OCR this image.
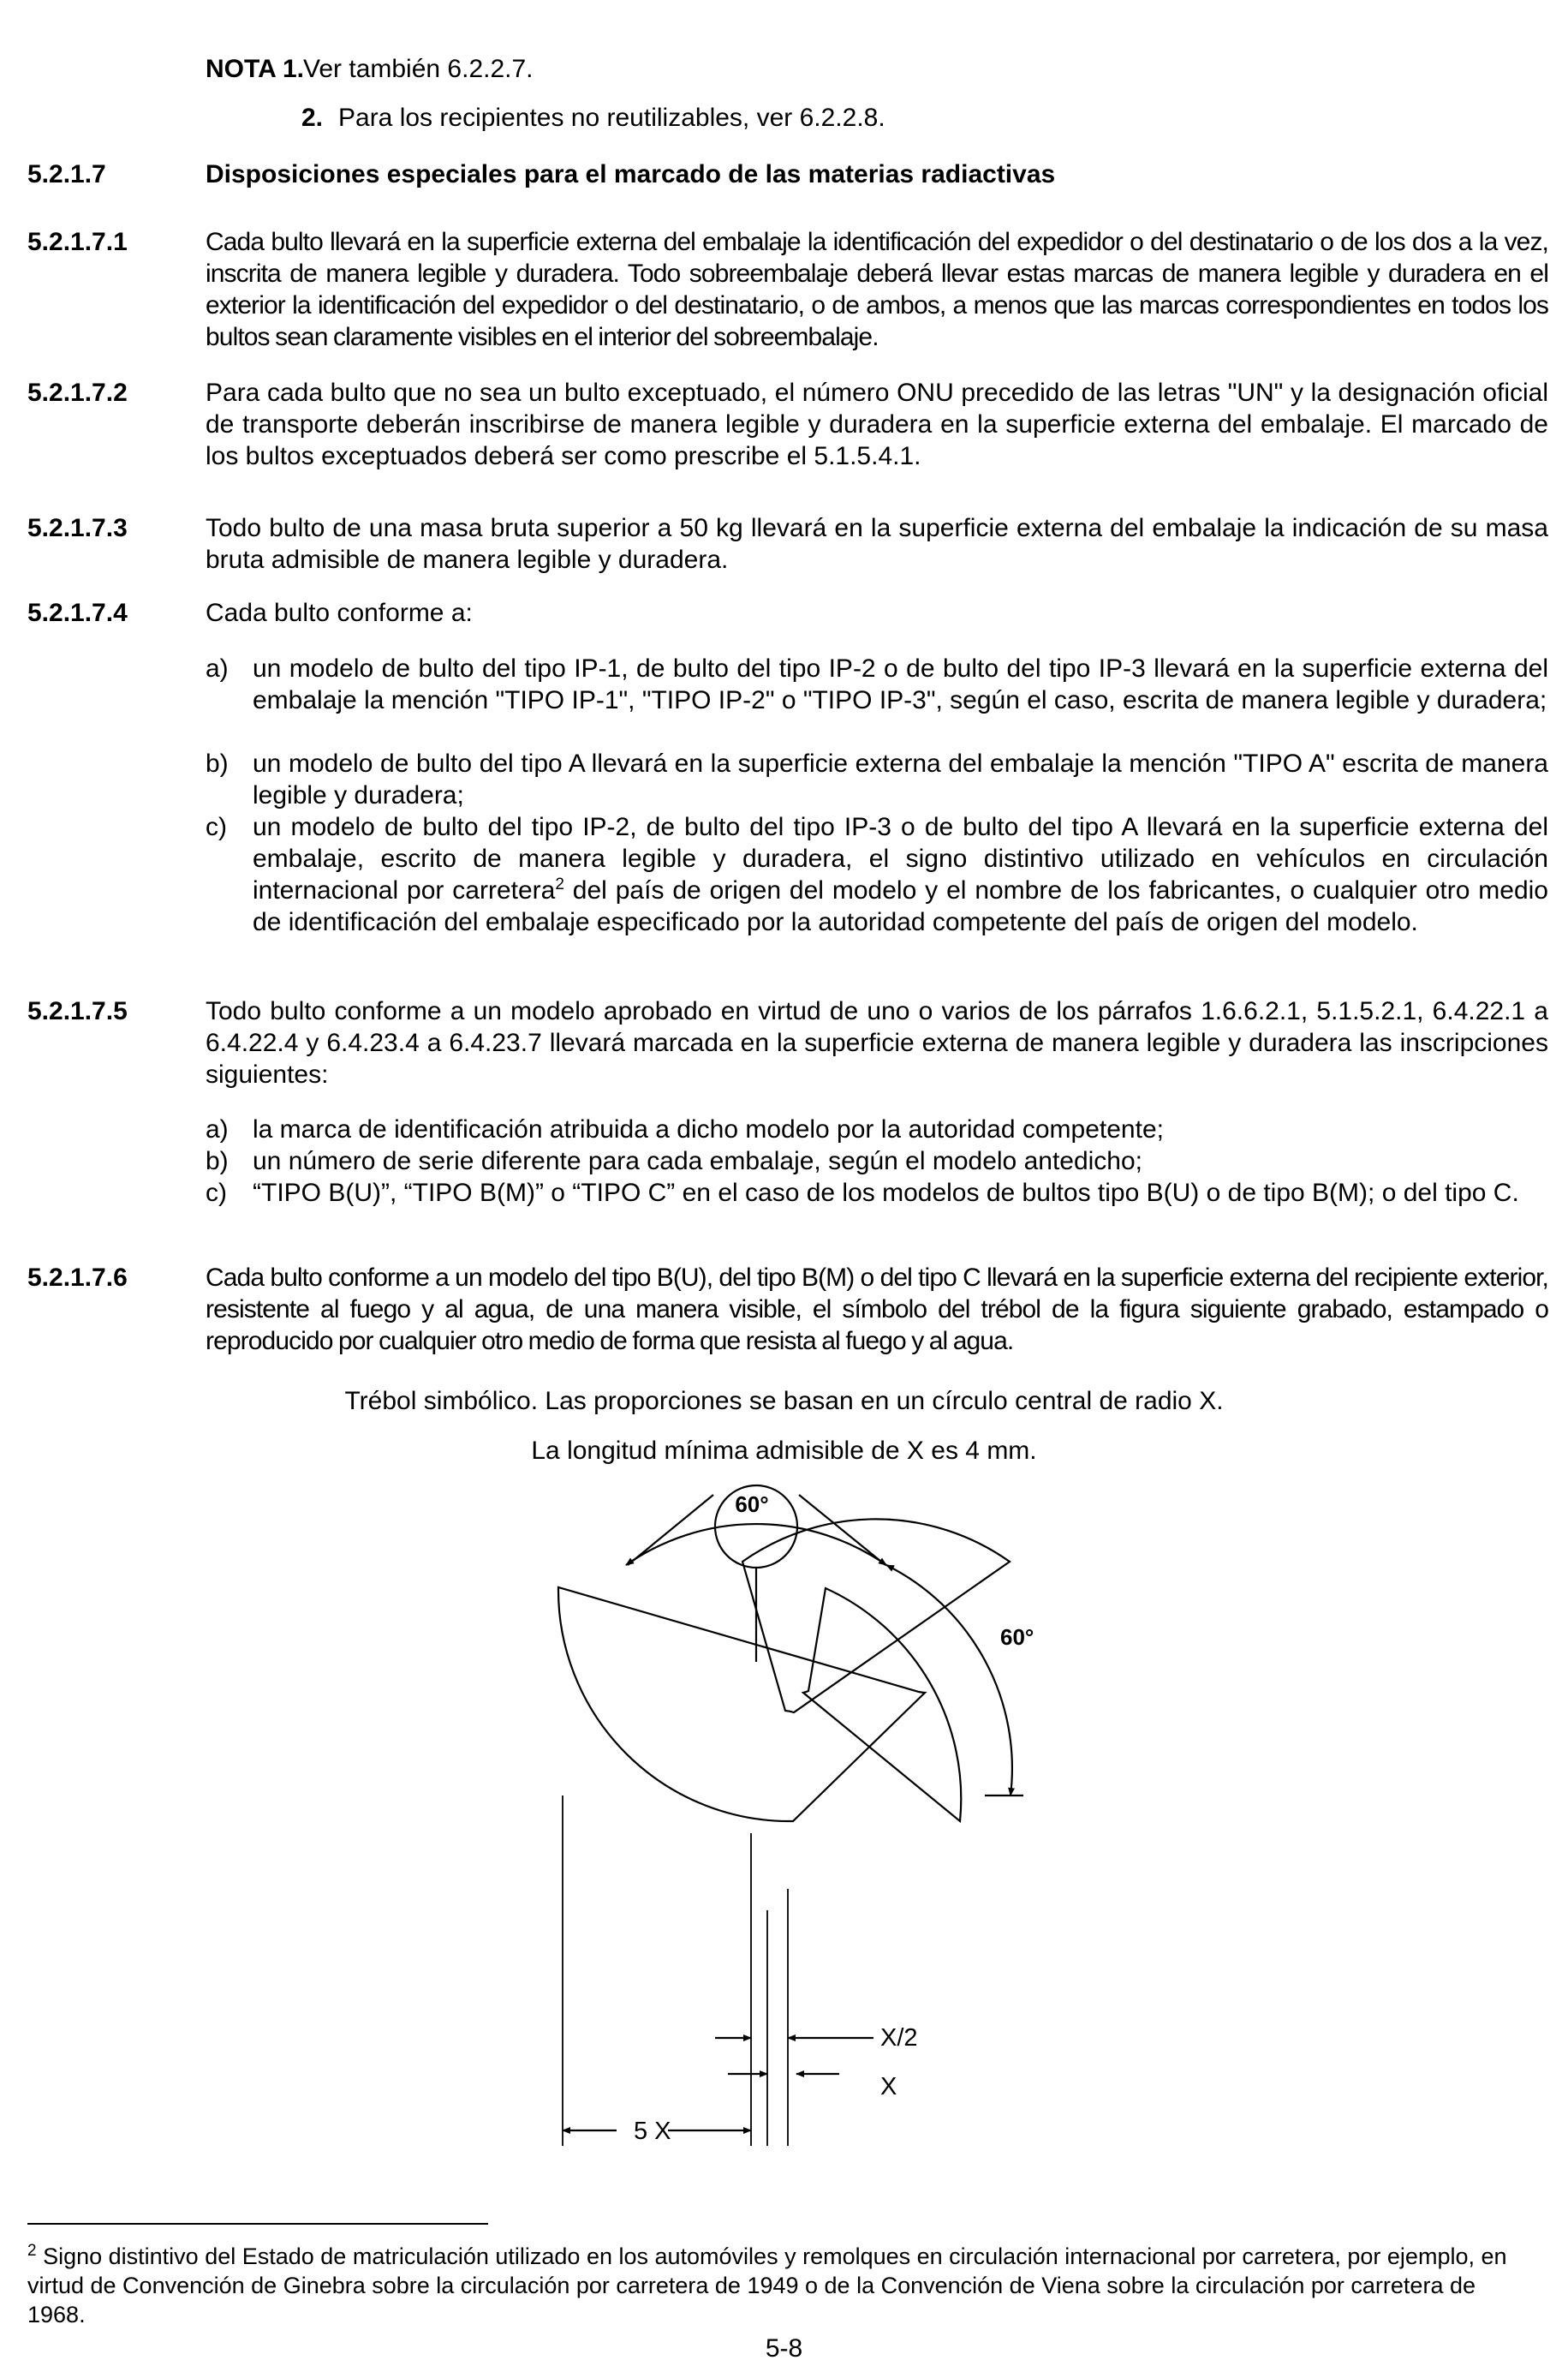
NOTA 1.
Ver también 6.2.2.7.
2. Para los recipientes no reutilizables, ver 6.2.2.8.
5.2.1.7	Disposiciones especiales para el marcado de las materias radiactivas
5.2.1.7.1	Cada bulto llevará en la superficie externa del embalaje la identificación del expedidor o del destinatario o de los dos a la vez, inscrita de manera legible y duradera. Todo sobreembalaje deberá llevar estas marcas de manera legible y duradera en el exterior la identificación del expedidor o del destinatario, o de ambos, a menos que las marcas correspondientes en todos los bultos sean claramente visibles en el interior del sobreembalaje.
5.2.1.7.2	Para cada bulto que no sea un bulto exceptuado, el número ONU precedido de las letras "UN" y la designación oficial de transporte deberán inscribirse de manera legible y duradera en la superficie externa del embalaje. El marcado de los bultos exceptuados deberá ser como prescribe el 5.1.5.4.1.
5.2.1.7.3	Todo bulto de una masa bruta superior a 50 kg llevará en la superficie externa del embalaje la indicación de su masa bruta admisible de manera legible y duradera.
5.2.1.7.4	Cada bulto conforme a:
a) un modelo de bulto del tipo IP-1, de bulto del tipo IP-2 o de bulto del tipo IP-3 llevará en la superficie externa del embalaje la mención "TIPO IP-1", "TIPO IP-2" o "TIPO IP-3", según el caso, escrita de manera legible y duradera;
b) un modelo de bulto del tipo A llevará en la superficie externa del embalaje la mención "TIPO A" escrita de manera legible y duradera;
c) un modelo de bulto del tipo IP-2, de bulto del tipo IP-3 o de bulto del tipo A llevará en la superficie externa del embalaje, escrito de manera legible y duradera, el signo distintivo utilizado en vehículos en circulación internacional por carretera$^2$ del país de origen del modelo y el nombre de los fabricantes, o cualquier otro medio de identificación del embalaje especificado por la autoridad competente del país de origen del modelo.
5.2.1.7.5	Todo bulto conforme a un modelo aprobado en virtud de uno o varios de los párrafos 1.6.6.2.1, 5.1.5.2.1, 6.4.22.1 a 6.4.22.4 y 6.4.23.4 a 6.4.23.7 llevará marcada en la superficie externa de manera legible y duradera las inscripciones siguientes:
a) la marca de identificación atribuida a dicho modelo por la autoridad competente;
b) un número de serie diferente para cada embalaje, según el modelo antedicho;
c) “TIPO B(U)”, “TIPO B(M)” o “TIPO C” en el caso de los modelos de bultos tipo B(U) o de tipo B(M); o del tipo C.
5.2.1.7.6	Cada bulto conforme a un modelo del tipo B(U), del tipo B(M) o del tipo C llevará en la superficie externa del recipiente exterior, resistente al fuego y al agua, de una manera visible, el símbolo del trébol de la figura siguiente grabado, estampado o reproducido por cualquier otro medio de forma que resista al fuego y al agua.
Trébol simbólico. Las proporciones se basan en un círculo central de radio X.
La longitud mínima admisible de X es 4 mm.
60°
60°
X/2
X
5 X
$^2$ Signo distintivo del Estado de matriculación utilizado en los automóviles y remolques en circulación internacional por carretera, por ejemplo, en virtud de Convención de Ginebra sobre la circulación por carretera de 1949 o de la Convención de Viena sobre la circulación por carretera de 1968.
5-8
